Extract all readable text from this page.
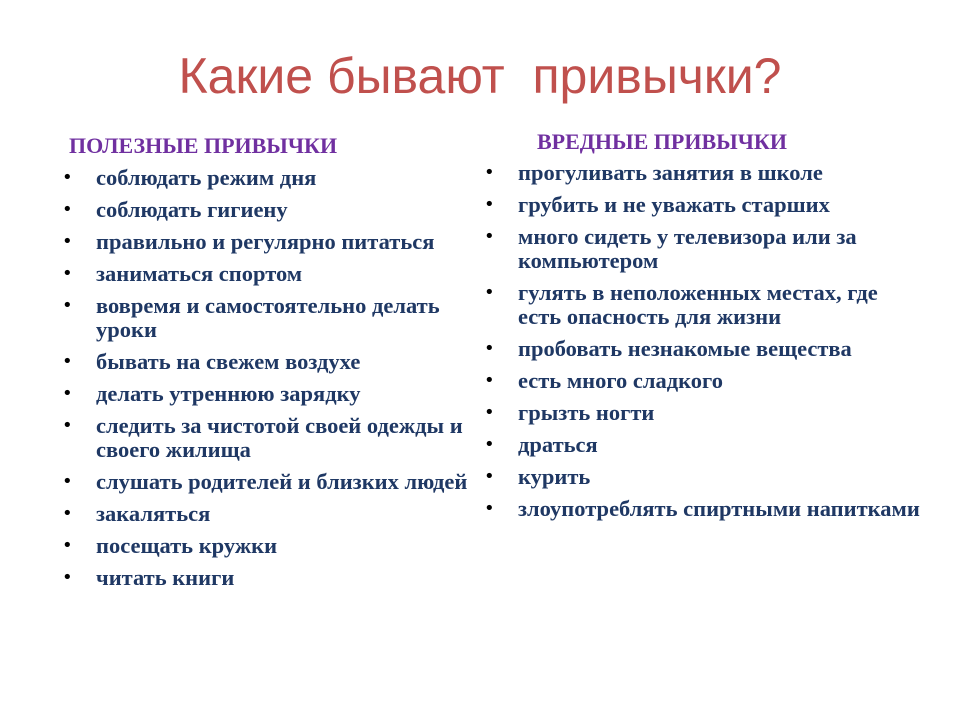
Какие бывают  привычки?
ПОЛЕЗНЫЕ ПРИВЫЧКИ
• соблюдать режим дня
• соблюдать гигиену
• правильно и регулярно питаться
• заниматься спортом
• вовремя и самостоятельно делать уроки
• бывать на свежем воздухе
• делать утреннюю зарядку
• следить за чистотой своей одежды и своего жилища
• слушать родителей и близких людей
• закаляться
• посещать кружки
• читать книги
ВРЕДНЫЕ ПРИВЫЧКИ
• прогуливать занятия в школе
• грубить и не уважать старших
• много сидеть у телевизора или за компьютером
• гулять в неположенных местах, где есть опасность для жизни
• пробовать незнакомые вещества
• есть много сладкого
• грызть ногти
• драться
• курить
• злоупотреблять спиртными напитками
